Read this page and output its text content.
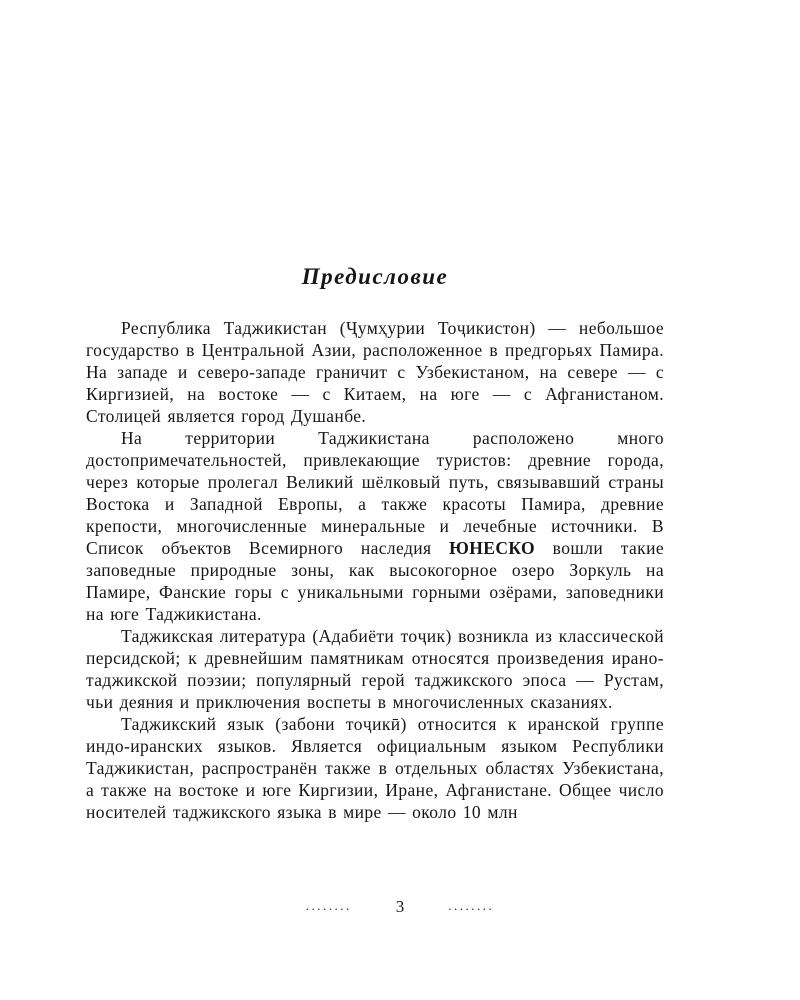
Предисловие

Республика Таджикистан (Ҷумҳурии Тоҷикистон) — небольшое государство в Центральной Азии, расположенное в предгорьях Памира. На западе и северо-западе граничит с Узбекистаном, на севере — с Киргизией, на востоке — с Китаем, на юге — с Афганистаном. Столицей является город Душанбе.

На территории Таджикистана расположено много достопримечательностей, привлекающие туристов: древние города, через которые пролегал Великий шёлковый путь, связывавший страны Востока и Западной Европы, а также красоты Памира, древние крепости, многочисленные минеральные и лечебные источники. В Список объектов Всемирного наследия ЮНЕСКО вошли такие заповедные природные зоны, как высокогорное озеро Зоркуль на Памире, Фанские горы с уникальными горными озёрами, заповедники на юге Таджикистана.

Таджикская литература (Адабиёти тоҷик) возникла из классической персидской; к древнейшим памятникам относятся произведения ирано-таджикской поэзии; популярный герой таджикского эпоса — Рустам, чьи деяния и приключения воспеты в многочисленных сказаниях.

Таджикский язык (забони тоҷикӣ) относится к иранской группе индо-иранских языков. Является официальным языком Республики Таджикистан, распространён также в отдельных областях Узбекистана, а также на востоке и юге Киргизии, Иране, Афганистане. Общее число носителей таджикского языка в мире — около 10 млн

........	3	........
